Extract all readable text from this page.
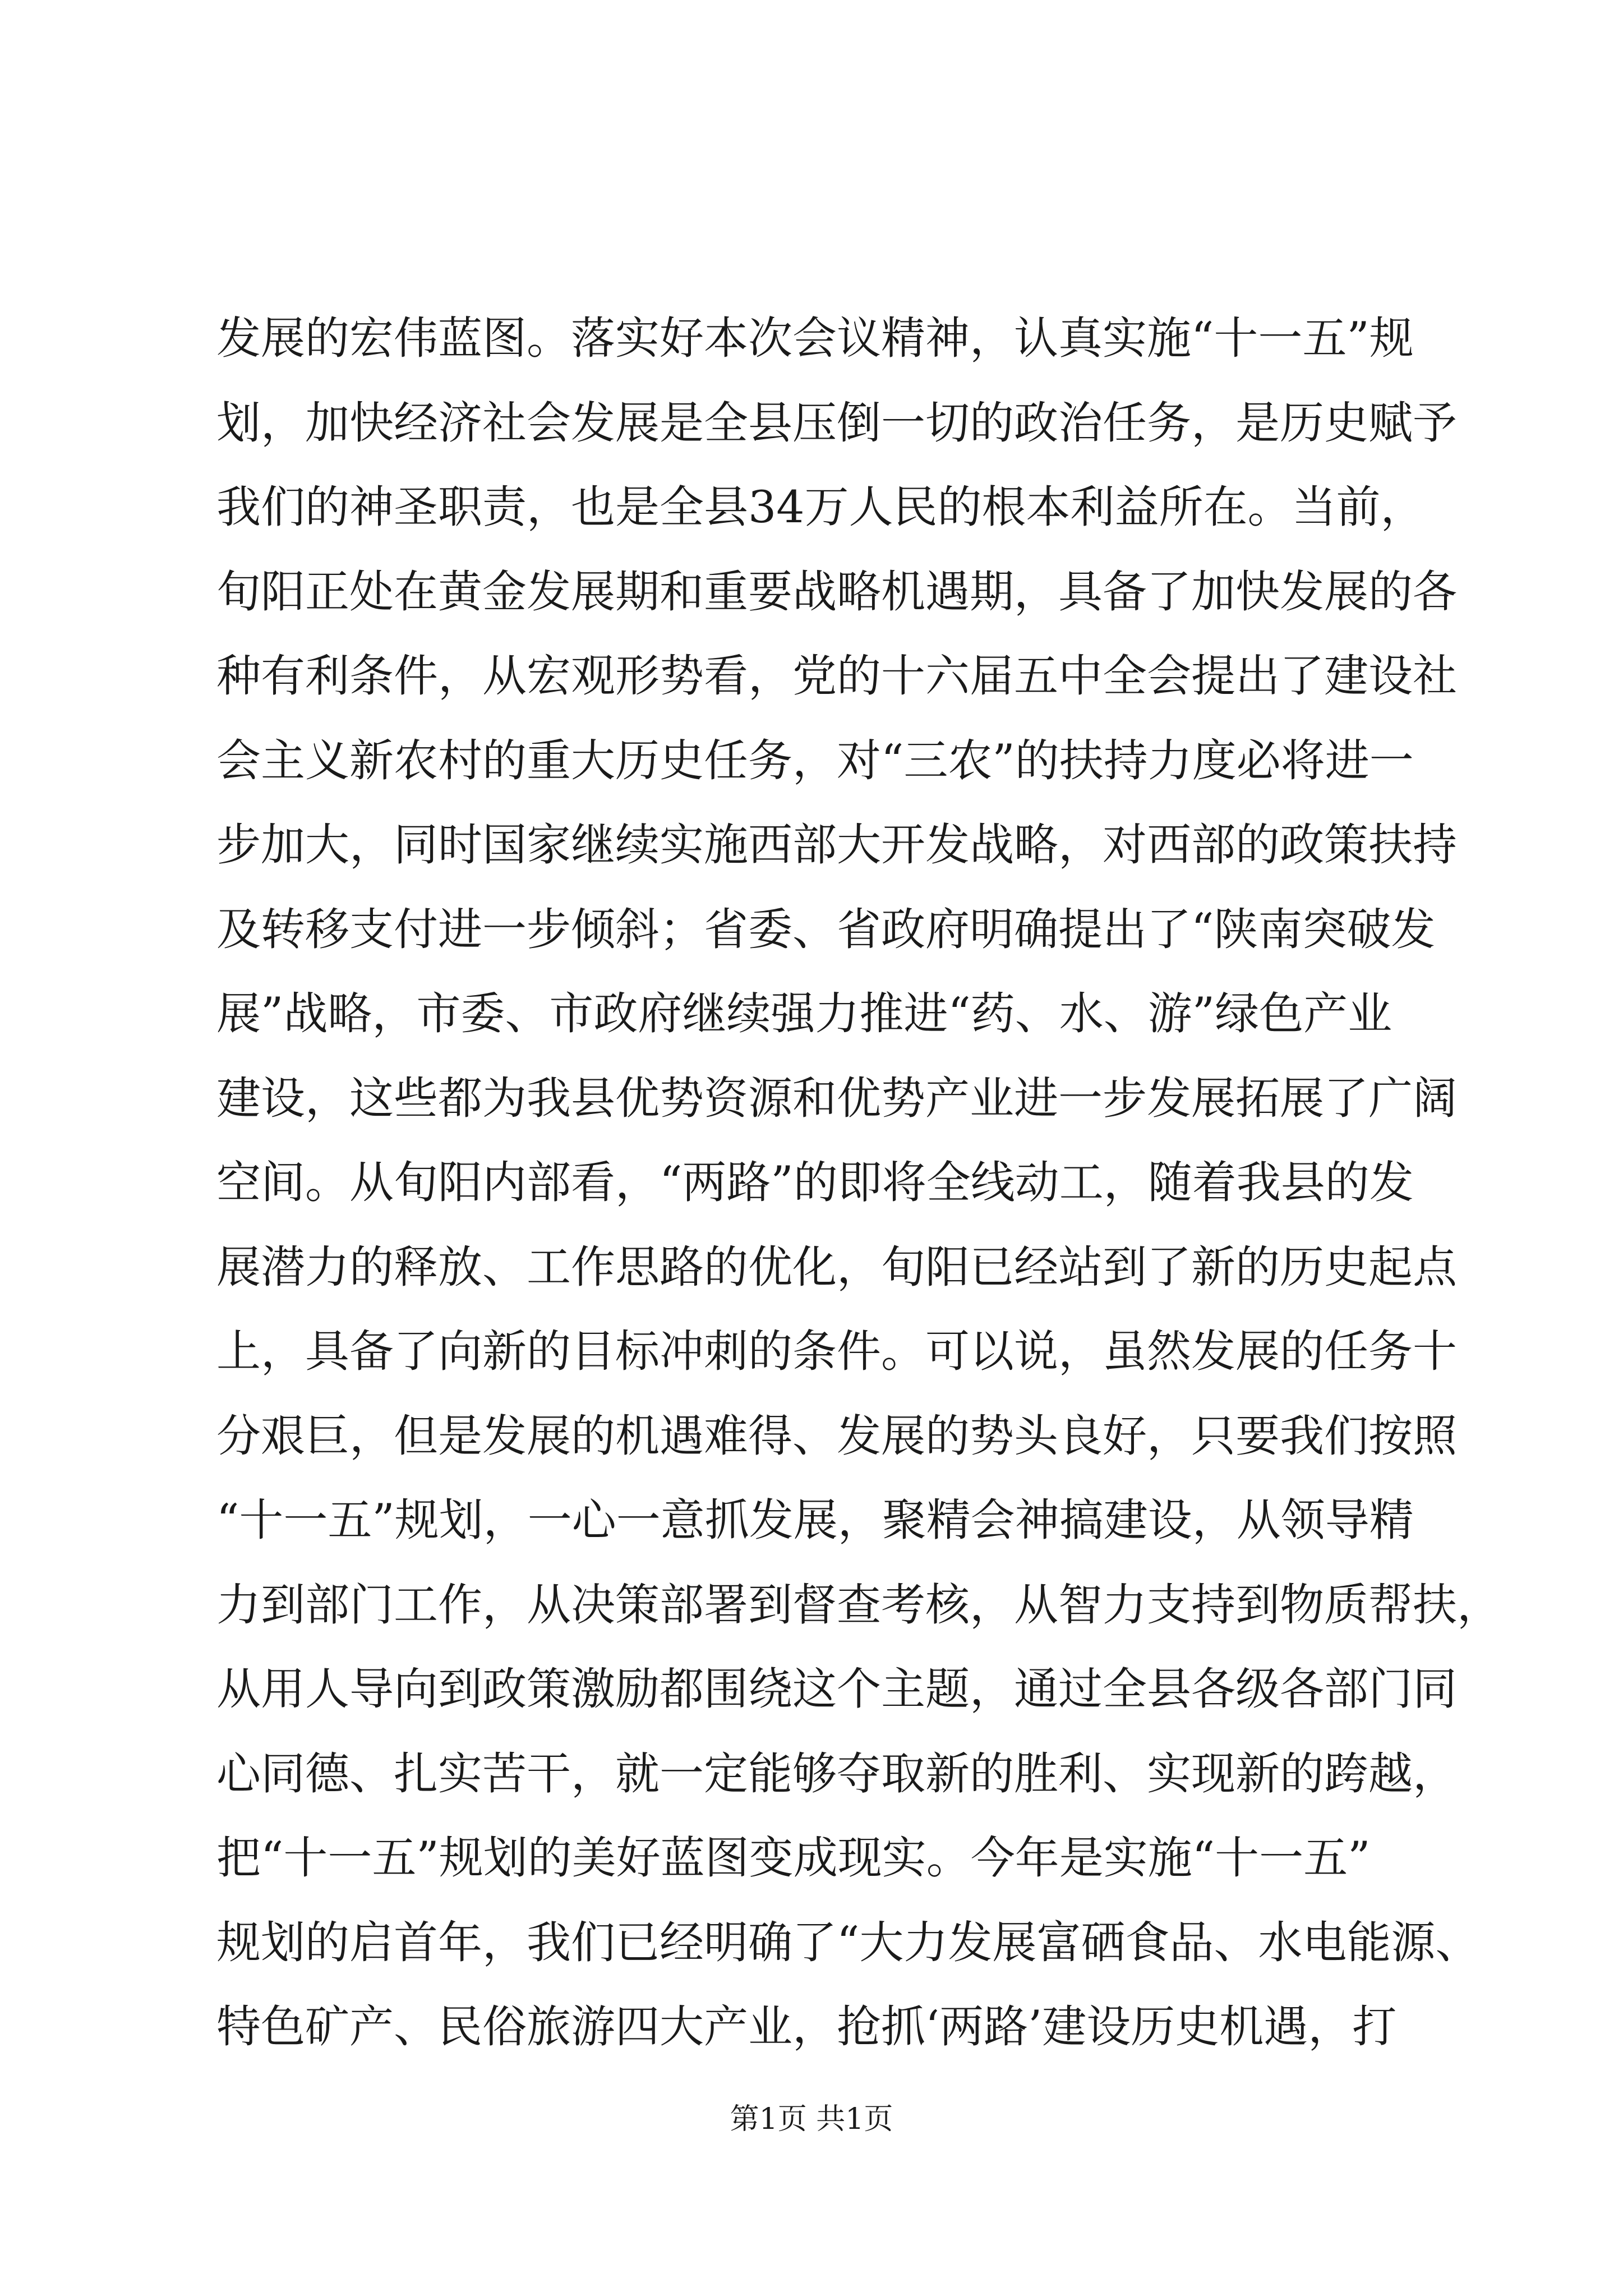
发展的宏伟蓝图。落实好本次会议精神，认真实施“十一五”规
划，加快经济社会发展是全县压倒一切的政治任务，是历史赋予
我们的神圣职责，也是全县34万人民的根本利益所在。当前，
旬阳正处在黄金发展期和重要战略机遇期，具备了加快发展的各
种有利条件，从宏观形势看，党的十六届五中全会提出了建设社
会主义新农村的重大历史任务，对“三农”的扶持力度必将进一
步加大，同时国家继续实施西部大开发战略，对西部的政策扶持
及转移支付进一步倾斜；省委、省政府明确提出了“陕南突破发
展”战略，市委、市政府继续强力推进“药、水、游”绿色产业
建设，这些都为我县优势资源和优势产业进一步发展拓展了广阔
空间。从旬阳内部看，“两路”的即将全线动工，随着我县的发
展潜力的释放、工作思路的优化，旬阳已经站到了新的历史起点
上，具备了向新的目标冲刺的条件。可以说，虽然发展的任务十
分艰巨，但是发展的机遇难得、发展的势头良好，只要我们按照
“十一五”规划，一心一意抓发展，聚精会神搞建设，从领导精
力到部门工作，从决策部署到督查考核，从智力支持到物质帮扶，
从用人导向到政策激励都围绕这个主题，通过全县各级各部门同
心同德、扎实苦干，就一定能够夺取新的胜利、实现新的跨越，
把“十一五”规划的美好蓝图变成现实。今年是实施“十一五”
规划的启首年，我们已经明确了“大力发展富硒食品、水电能源、
特色矿产、民俗旅游四大产业，抢抓‘两路’建设历史机遇，打
第1页 共1页
